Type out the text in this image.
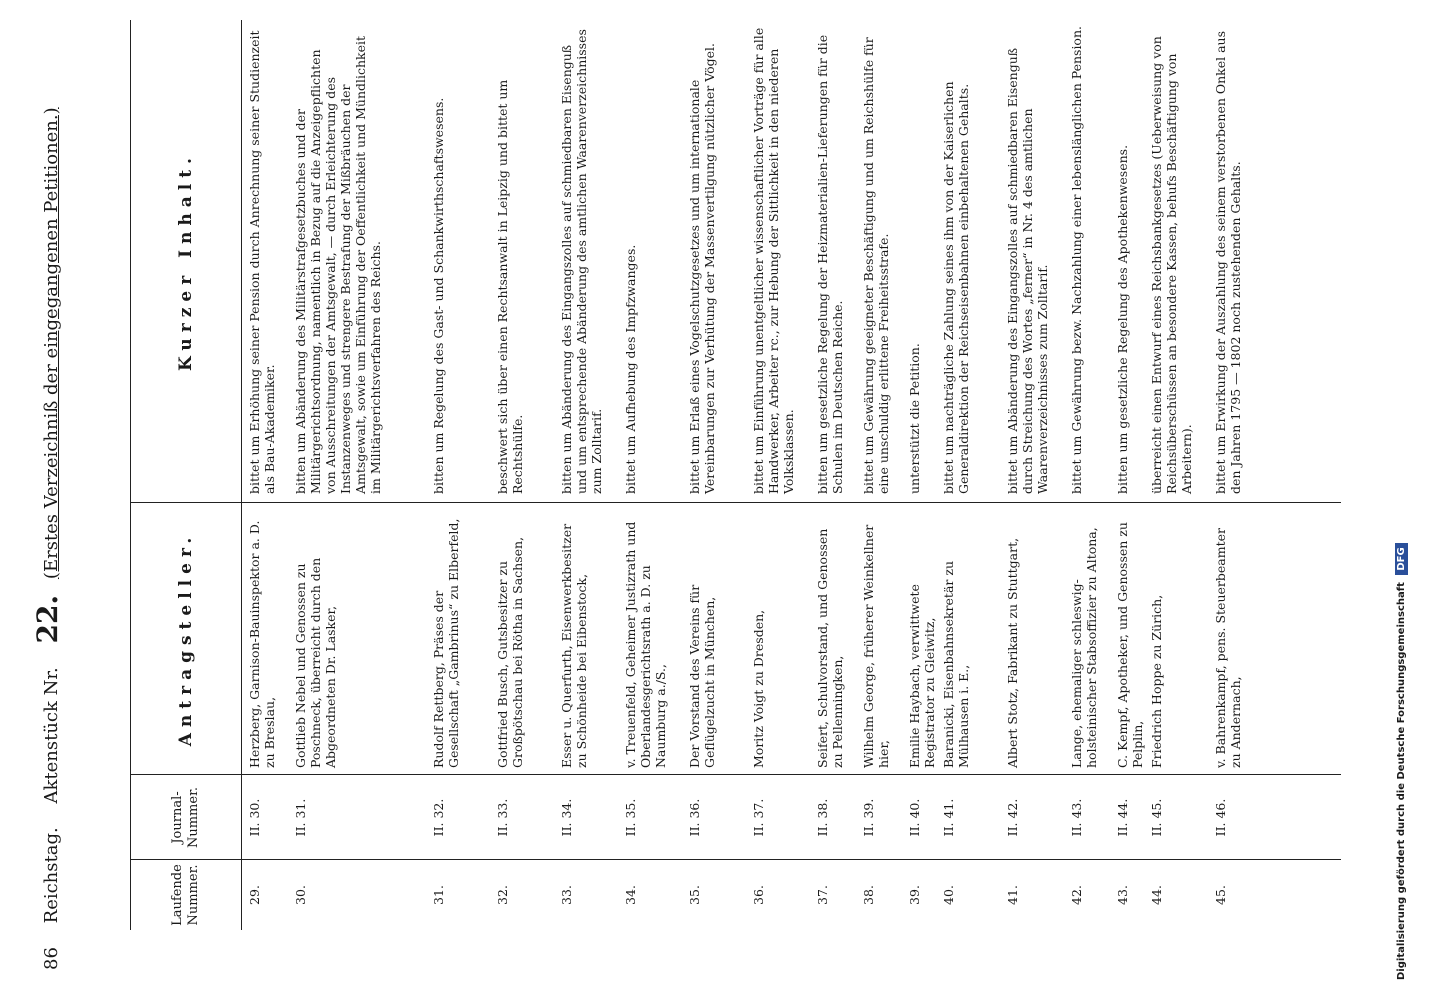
86 Reichstag. Aktenstück Nr. 22. (Erstes Verzeichniß der eingegangenen Petitionen.)
Laufende Nummer.
Journal-Nummer.
Antragsteller.
Kurzer Inhalt.
29.
II. 30.
Herzberg, Garnison-Bauinspektor a. D. zu Breslau,
bittet um Erhöhung seiner Pension durch Anrechnung seiner Studienzeit als Bau-Akademiker.
30.
II. 31.
Gottlieb Nebel und Genossen zu Poschneck, überreicht durch den Abgeordneten Dr. Lasker,
bitten um Abänderung des Militärstrafgesetzbuches und der Militärgerichtsordnung, namentlich in Bezug auf die Anzeigepflichten von Ausschreitungen der Amtsgewalt, — durch Erleichterung des Instanzenweges und strengere Bestrafung der Mißbräuchen der Amtsgewalt, sowie um Einführung der Oeffentlichkeit und Mündlichkeit im Militärgerichtsverfahren des Reichs.
31.
II. 32.
Rudolf Rettberg, Präses der Gesellschaft „Gambrinus“ zu Elberfeld,
bitten um Regelung des Gast- und Schankwirthschaftswesens.
32.
II. 33.
Gottfried Busch, Gutsbesitzer zu Großpötschau bei Rötha in Sachsen,
beschwert sich über einen Rechtsanwalt in Leipzig und bittet um Rechtshülfe.
33.
II. 34.
Esser u. Querfurth, Eisenwerkbesitzer zu Schönheide bei Eibenstock,
bitten um Abänderung des Eingangszolles auf schmiedbaren Eisenguß und um entsprechende Abänderung des amtlichen Waarenverzeichnisses zum Zolltarif.
34.
II. 35.
v. Treuenfeld, Geheimer Justizrath und Oberlandesgerichtsrath a. D. zu Naumburg a./S.,
bittet um Aufhebung des Impfzwanges.
35.
II. 36.
Der Vorstand des Vereins für Geflügelzucht in München,
bittet um Erlaß eines Vogelschutzgesetzes und um internationale Vereinbarungen zur Verhütung der Massenvertilgung nützlicher Vögel.
36.
II. 37.
Moritz Voigt zu Dresden,
bittet um Einführung unentgeltlicher wissenschaftlicher Vorträge für alle Handwerker, Arbeiter rc., zur Hebung der Sittlichkeit in den niederen Volksklassen.
37.
II. 38.
Seifert, Schulvorstand, und Genossen zu Pellenningken,
bitten um gesetzliche Regelung der Heizmaterialien-Lieferungen für die Schulen im Deutschen Reiche.
38.
II. 39.
Wilhelm George, früherer Weinkellner hier,
bittet um Gewährung geeigneter Beschäftigung und um Reichshülfe für eine unschuldig erlittene Freiheitsstrafe.
39.
II. 40.
Emilie Haybach, verwittwete Registrator zu Gleiwitz,
unterstützt die Petition.
40.
II. 41.
Baranicki, Eisenbahnsekretär zu Mülhausen i. E.,
bittet um nachträgliche Zahlung seines ihm von der Kaiserlichen Generaldirektion der Reichseisenbahnen einbehaltenen Gehalts.
41.
II. 42.
Albert Stotz, Fabrikant zu Stuttgart,
bittet um Abänderung des Eingangszolles auf schmiedbaren Eisenguß durch Streichung des Wortes „ferner“ in Nr. 4 des amtlichen Waarenverzeichnisses zum Zolltarif.
42.
II. 43.
Lange, ehemaliger schleswig-holsteinischer Stabsoffizier zu Altona,
bittet um Gewährung bezw. Nachzahlung einer lebenslänglichen Pension.
43.
II. 44.
C. Kempf, Apotheker, und Genossen zu Pelplin,
bitten um gesetzliche Regelung des Apothekenwesens.
44.
II. 45.
Friedrich Hoppe zu Zürich,
überreicht einen Entwurf eines Reichsbankgesetzes (Ueberweisung von Reichsüberschüssen an besondere Kassen, behufs Beschäftigung von Arbeitern).
45.
II. 46.
v. Bahrenkampf, pens. Steuerbeamter zu Andernach,
bittet um Erwirkung der Auszahlung des seinem verstorbenen Onkel aus den Jahren 1795 — 1802 noch zustehenden Gehalts.
Digitalisierung gefördert durch die Deutsche Forschungsgemeinschaft DFG
